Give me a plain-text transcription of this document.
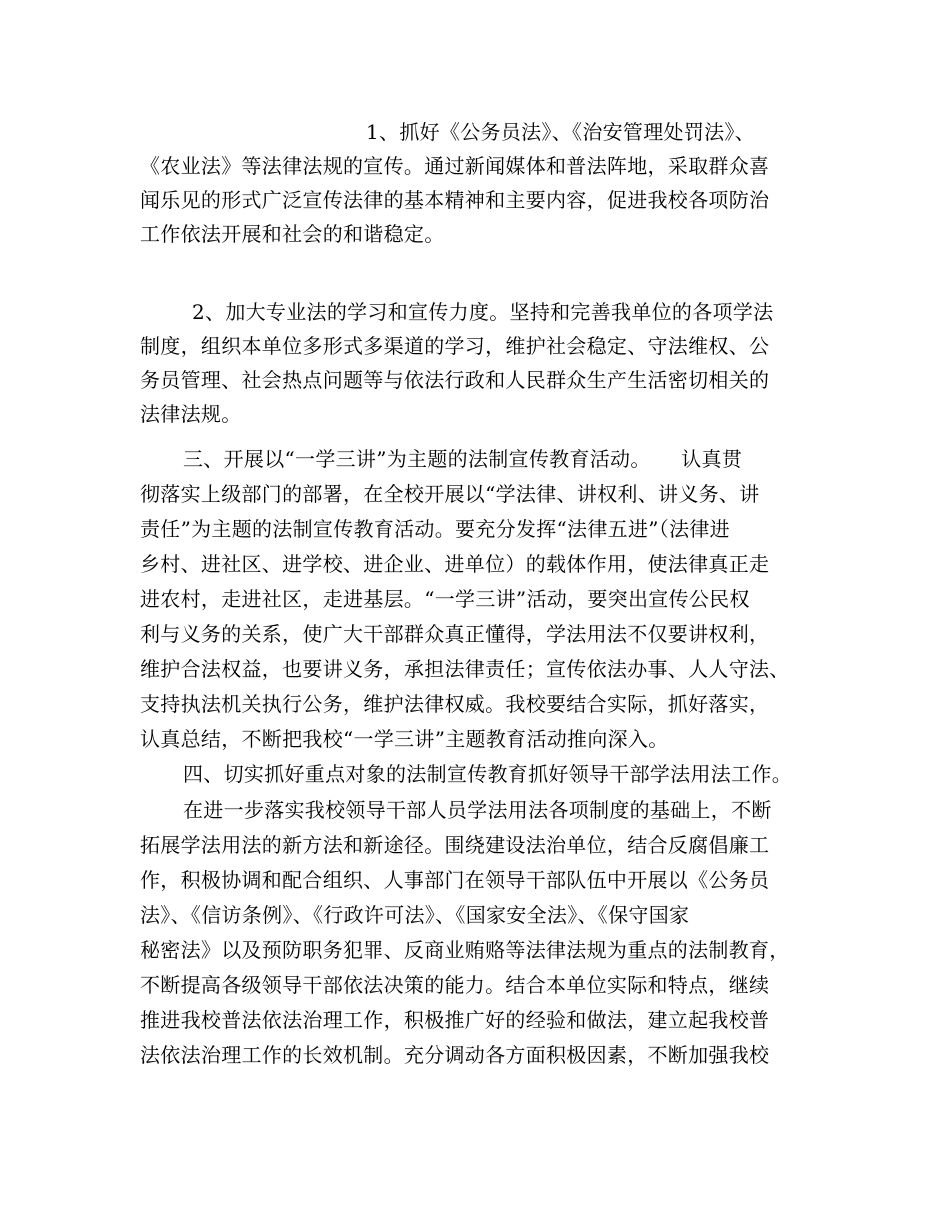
1、抓好《公务员法》、《治安管理处罚法》、
《农业法》等法律法规的宣传。通过新闻媒体和普法阵地，采取群众喜
闻乐见的形式广泛宣传法律的基本精神和主要内容，促进我校各项防治
工作依法开展和社会的和谐稳定。
2、加大专业法的学习和宣传力度。坚持和完善我单位的各项学法
制度，组织本单位多形式多渠道的学习，维护社会稳定、守法维权、公
务员管理、社会热点问题等与依法行政和人民群众生产生活密切相关的
法律法规。
三、开展以“一学三讲”为主题的法制宣传教育活动。　　认真贯
彻落实上级部门的部署，在全校开展以“学法律、讲权利、讲义务、讲
责任”为主题的法制宣传教育活动。要充分发挥“法律五进”（法律进
乡村、进社区、进学校、进企业、进单位）的载体作用，使法律真正走
进农村，走进社区，走进基层。“一学三讲”活动，要突出宣传公民权
利与义务的关系，使广大干部群众真正懂得，学法用法不仅要讲权利，
维护合法权益，也要讲义务，承担法律责任；宣传依法办事、人人守法、
支持执法机关执行公务，维护法律权威。我校要结合实际，抓好落实，
认真总结，不断把我校“一学三讲”主题教育活动推向深入。
四、切实抓好重点对象的法制宣传教育抓好领导干部学法用法工作。
在进一步落实我校领导干部人员学法用法各项制度的基础上，不断
拓展学法用法的新方法和新途径。围绕建设法治单位，结合反腐倡廉工
作，积极协调和配合组织、人事部门在领导干部队伍中开展以《公务员
法》、《信访条例》、《行政许可法》、《国家安全法》、《保守国家
秘密法》以及预防职务犯罪、反商业贿赂等法律法规为重点的法制教育，
不断提高各级领导干部依法决策的能力。结合本单位实际和特点，继续
推进我校普法依法治理工作，积极推广好的经验和做法，建立起我校普
法依法治理工作的长效机制。充分调动各方面积极因素，不断加强我校
